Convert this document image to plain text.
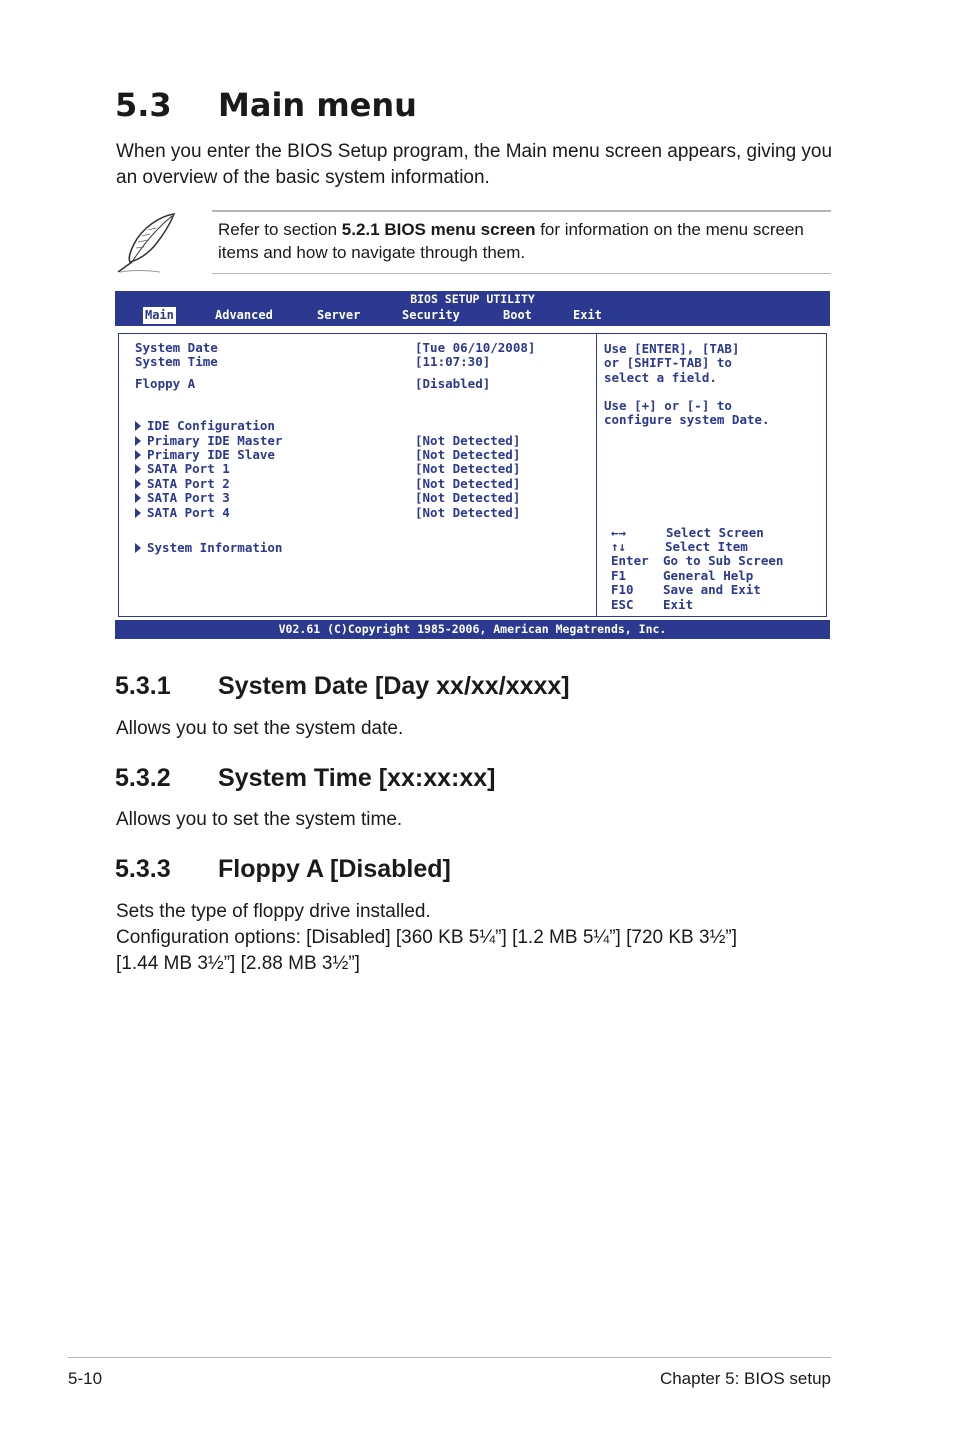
5.3 Main menu

When you enter the BIOS Setup program, the Main menu screen appears, giving you an overview of the basic system information.

Refer to section 5.2.1 BIOS menu screen for information on the menu screen items and how to navigate through them.

BIOS SETUP UTILITY
Main	Advanced	Server	Security	Boot	Exit
System Date	[Tue 06/10/2008]
System Time	[11:07:30]
Floppy A	[Disabled]
IDE Configuration
Primary IDE Master	[Not Detected]
Primary IDE Slave	[Not Detected]
SATA Port 1	[Not Detected]
SATA Port 2	[Not Detected]
SATA Port 3	[Not Detected]
SATA Port 4	[Not Detected]
System Information
Use [ENTER], [TAB]
or [SHIFT-TAB] to
select a field.
Use [+] or [-] to
configure system Date.
←→	Select Screen
↑↓	Select Item
Enter Go to Sub Screen
F1	General Help
F10 Save and Exit
ESC Exit
V02.61 (C)Copyright 1985-2006, American Megatrends, Inc.
5.3.1 System Date [Day xx/xx/xxxx]

Allows you to set the system date.

5.3.2 System Time [xx:xx:xx]

Allows you to set the system time.

5.3.3 Floppy A [Disabled]

Sets the type of floppy drive installed.

Configuration options: [Disabled] [360 KB 5¼”] [1.2 MB 5¼”] [720 KB 3½”]

[1.44 MB 3½”] [2.88 MB 3½”]

5-10	Chapter 5: BIOS setup
